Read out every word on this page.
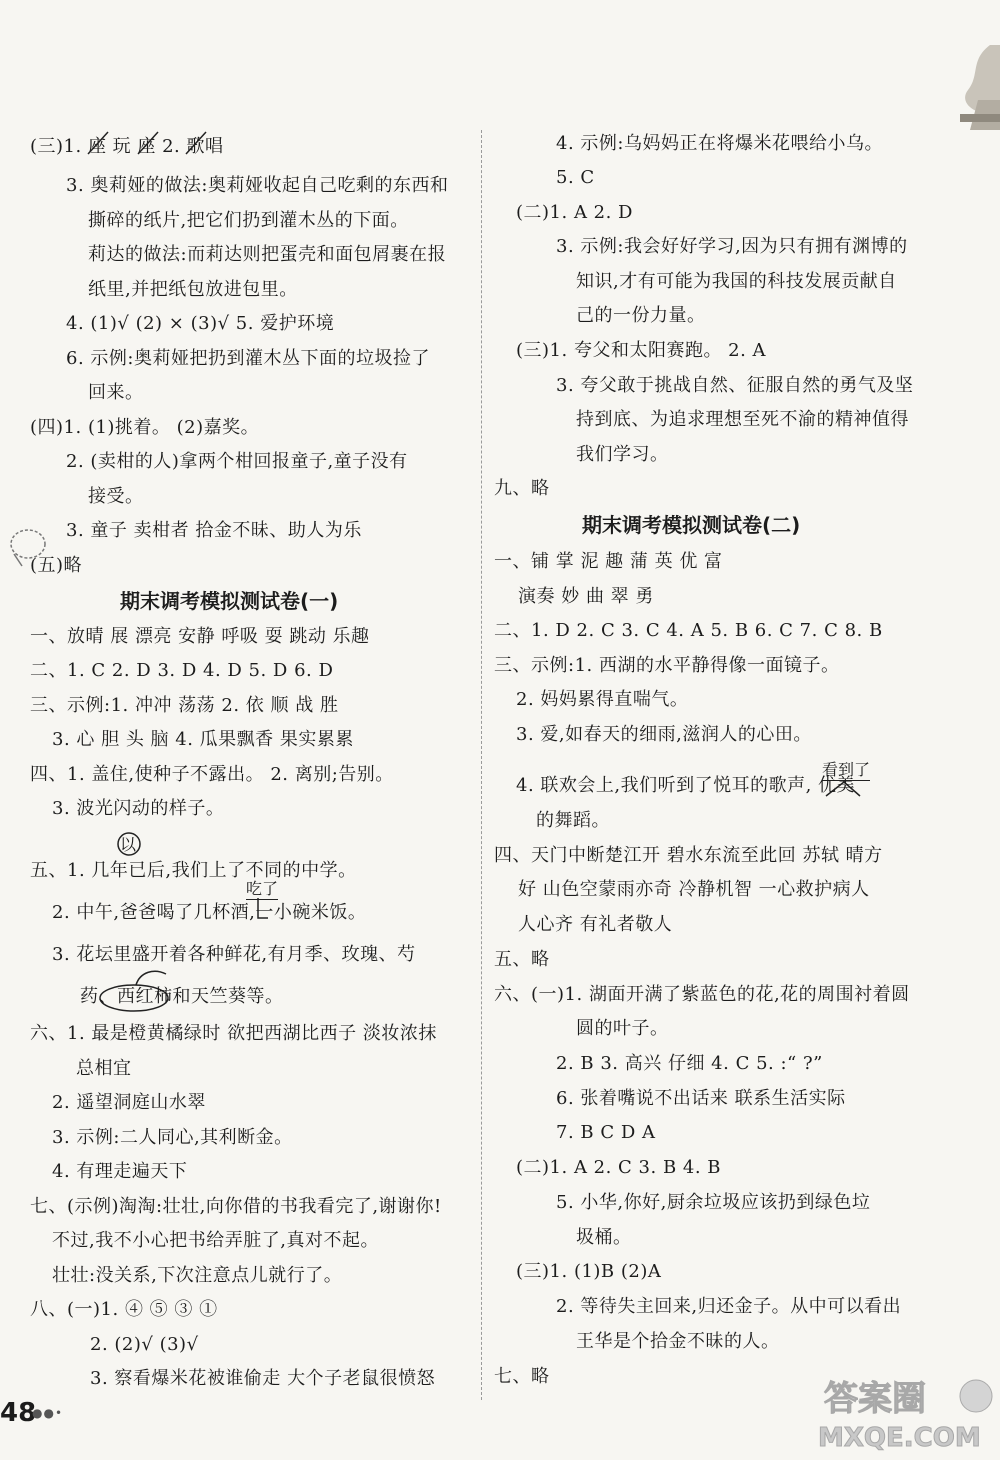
(三)1. 座 玩 座 2. 歌唱
3. 奥莉娅的做法:奥莉娅收起自己吃剩的东西和
撕碎的纸片,把它们扔到灌木丛的下面。
莉达的做法:而莉达则把蛋壳和面包屑裹在报
纸里,并把纸包放进包里。
4. (1)√ (2) × (3)√ 5. 爱护环境
6. 示例:奥莉娅把扔到灌木丛下面的垃圾捡了
回来。
(四)1. (1)挑着。 (2)嘉奖。
2. (卖柑的人)拿两个柑回报童子,童子没有
接受。
3. 童子 卖柑者 拾金不昧、助人为乐
(五)略
期末调考模拟测试卷(一)
一、放晴 展 漂亮 安静 呼吸 耍 跳动 乐趣
二、1. C 2. D 3. D 4. D 5. D 6. D
三、示例:1. 冲冲 荡荡 2. 依 顺 战 胜
3. 心 胆 头 脑 4. 瓜果飘香 果实累累
四、1. 盖住,使种子不露出。 2. 离别;告别。
3. 波光闪动的样子。
以
五、1. 几年已后,我们上了不同的中学。
吃了
2. 中午,爸爸喝了几杯酒,一小碗米饭。
3. 花坛里盛开着各种鲜花,有月季、玫瑰、芍
药、西红柿和天竺葵等。
六、1. 最是橙黄橘绿时 欲把西湖比西子 淡妆浓抹
总相宜
2. 遥望洞庭山水翠
3. 示例:二人同心,其利断金。
4. 有理走遍天下
七、(示例)淘淘:壮壮,向你借的书我看完了,谢谢你!
不过,我不小心把书给弄脏了,真对不起。
壮壮:没关系,下次注意点儿就行了。
八、(一)1. ④ ⑤ ③ ①
2. (2)√ (3)√
3. 察看爆米花被谁偷走 大个子老鼠很愤怒
4. 示例:乌妈妈正在将爆米花喂给小乌。
5. C
(二)1. A 2. D
3. 示例:我会好好学习,因为只有拥有渊博的
知识,才有可能为我国的科技发展贡献自
己的一份力量。
(三)1. 夸父和太阳赛跑。 2. A
3. 夸父敢于挑战自然、征服自然的勇气及坚
持到底、为追求理想至死不渝的精神值得
我们学习。
九、略
期末调考模拟测试卷(二)
一、铺 掌 泥 趣 蒲 英 优 富
演奏 妙 曲 翠 勇
二、1. D 2. C 3. C 4. A 5. B 6. C 7. C 8. B
三、示例:1. 西湖的水平静得像一面镜子。
2. 妈妈累得直喘气。
3. 爱,如春天的细雨,滋润人的心田。
看到了
4. 联欢会上,我们听到了悦耳的歌声, 优美
的舞蹈。
四、天门中断楚江开 碧水东流至此回 苏轼 晴方
好 山色空蒙雨亦奇 冷静机智 一心救护病人
人心齐 有礼者敬人
五、略
六、(一)1. 湖面开满了紫蓝色的花,花的周围衬着圆
圆的叶子。
2. B 3. 高兴 仔细 4. C 5. :“ ?”
6. 张着嘴说不出话来 联系生活实际
7. B C D A
(二)1. A 2. C 3. B 4. B
5. 小华,你好,厨余垃圾应该扔到绿色垃
圾桶。
(三)1. (1)B (2)A
2. 等待失主回来,归还金子。从中可以看出
王华是个拾金不昧的人。
七、略
48
●●•	答案圈
MXQE.COM
